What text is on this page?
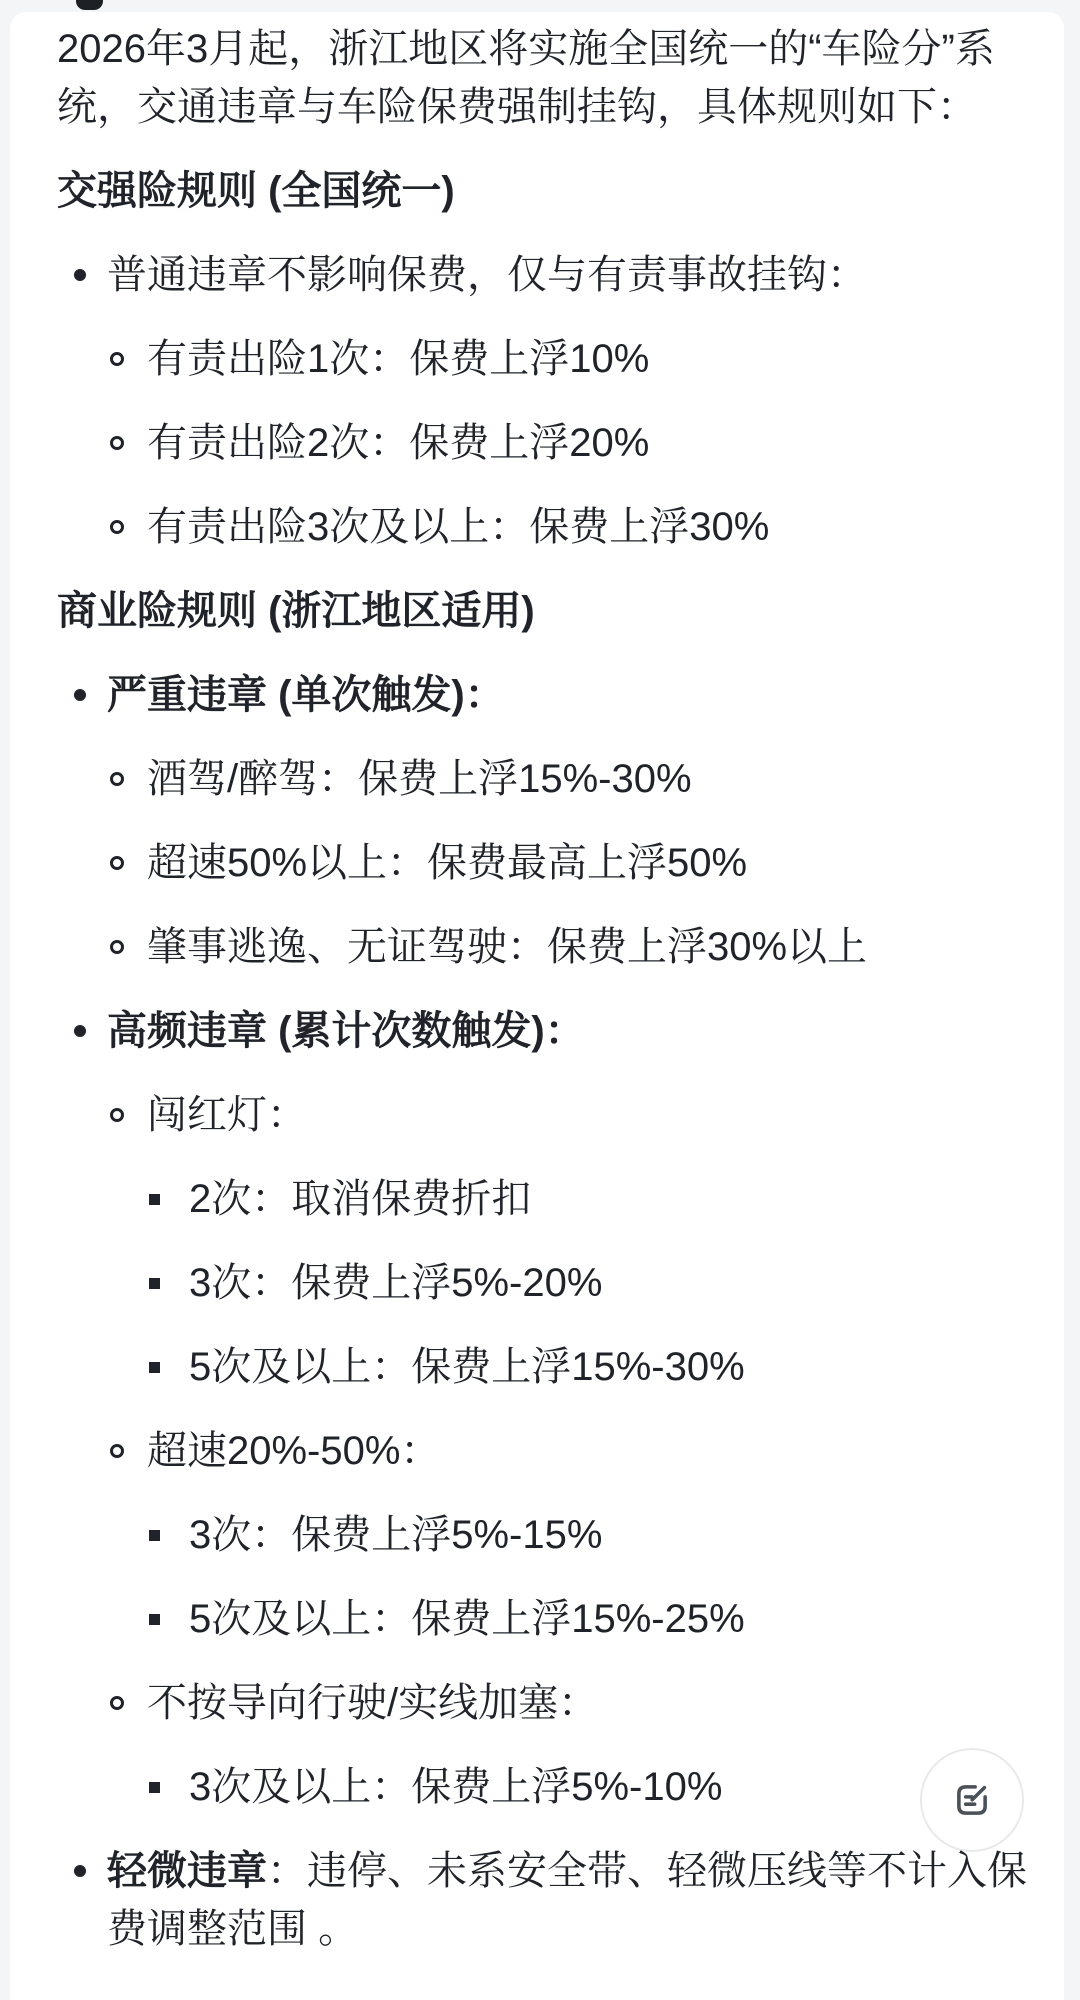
2026年3月起，浙江地区将实施全国统一的“车险分”系统，交通违章与车险保费强制挂钩，具体规则如下：

交强险规则 (全国统一)
普通违章不影响保费，仅与有责事故挂钩：
有责出险1次：保费上浮10%
有责出险2次：保费上浮20%
有责出险3次及以上：保费上浮30%
商业险规则 (浙江地区适用)
严重违章 (单次触发)：
酒驾/醉驾：保费上浮15%-30%
超速50%以上：保费最高上浮50%
肇事逃逸、无证驾驶：保费上浮30%以上
高频违章 (累计次数触发)：
闯红灯：
2次：取消保费折扣
3次：保费上浮5%-20%
5次及以上：保费上浮15%-30%
超速20%-50%：
3次：保费上浮5%-15%
5次及以上：保费上浮15%-25%
不按导向行驶/实线加塞：
3次及以上：保费上浮5%-10%
轻微违章：违停、未系安全带、轻微压线等不计入保费调整范围 。
